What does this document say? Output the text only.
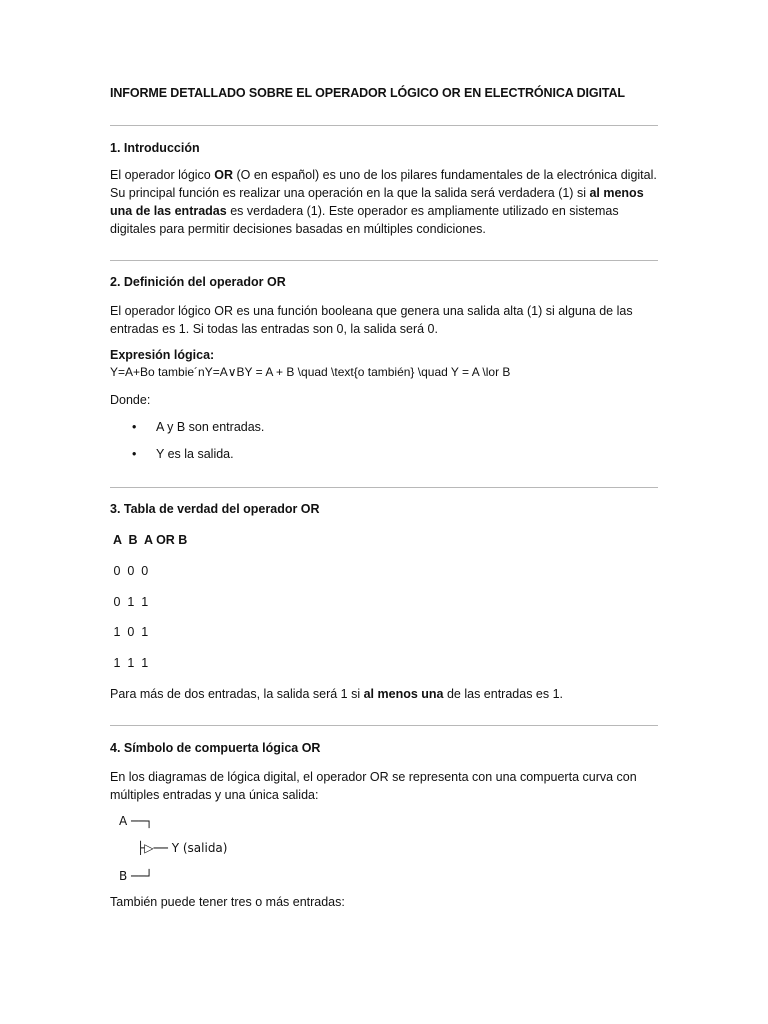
INFORME DETALLADO SOBRE EL OPERADOR LÓGICO OR EN ELECTRÓNICA DIGITAL
1. Introducción
El operador lógico OR (O en español) es uno de los pilares fundamentales de la electrónica digital. Su principal función es realizar una operación en la que la salida será verdadera (1) si al menos una de las entradas es verdadera (1). Este operador es ampliamente utilizado en sistemas digitales para permitir decisiones basadas en múltiples condiciones.
2. Definición del operador OR
El operador lógico OR es una función booleana que genera una salida alta (1) si alguna de las entradas es 1. Si todas las entradas son 0, la salida será 0.
Expresión lógica:
Y=A+Bo tambie´nY=A∨BY = A + B \quad \text{o también} \quad Y = A \lor B
Donde:
• A y B son entradas.
• Y es la salida.
3. Tabla de verdad del operador OR
A  B  A OR B
0  0  0
0  1  1
1  0  1
1  1  1
Para más de dos entradas, la salida será 1 si al menos una de las entradas es 1.
4. Símbolo de compuerta lógica OR
En los diagramas de lógica digital, el operador OR se representa con una compuerta curva con múltiples entradas y una única salida:
A ──┐
├▷── Y (salida)
B ──┘
También puede tener tres o más entradas:
